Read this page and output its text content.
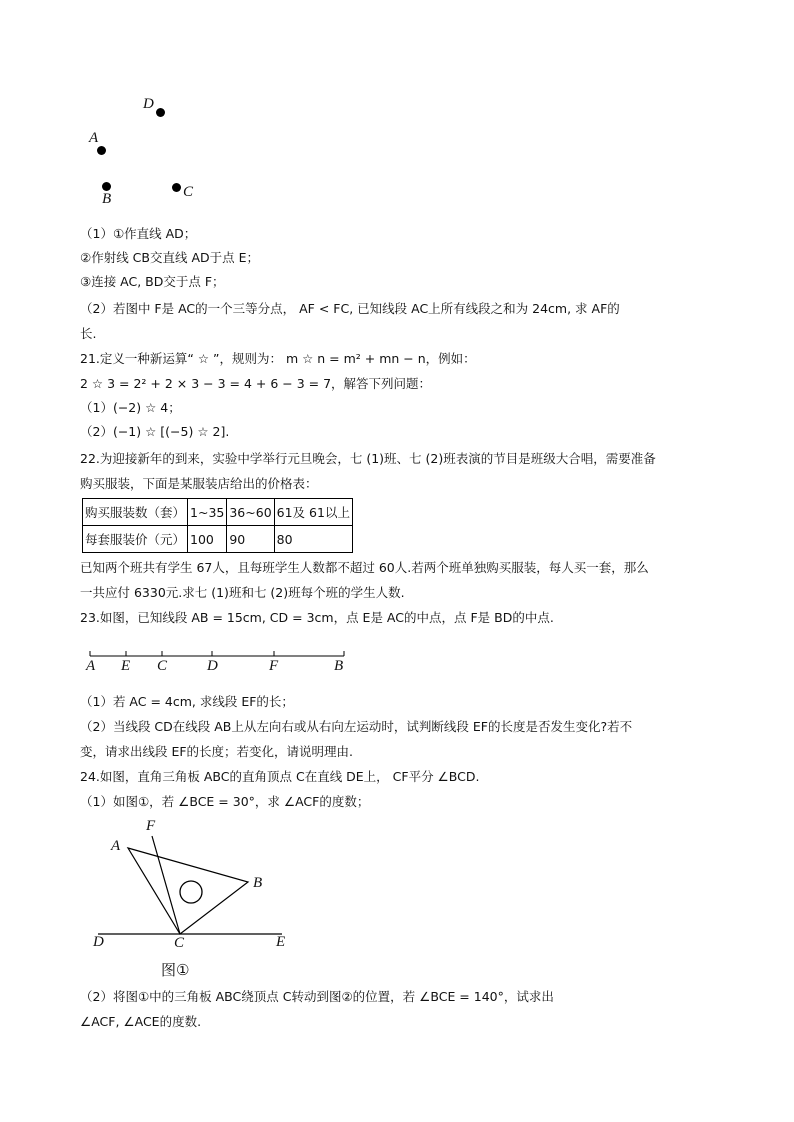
D
A
B	C
（1）①作直线 AD；
②作射线 CB交直线 AD于点 E；
③连接 AC, BD交于点 F；
（2）若图中 F是 AC的一个三等分点， AF < FC, 已知线段 AC上所有线段之和为 24cm, 求 AF的
长.
21.定义一种新运算“ ☆ ”，规则为： m ☆ n = m² + mn − n，例如：
2 ☆ 3 = 2² + 2 × 3 − 3 = 4 + 6 − 3 = 7，解答下列问题：
（1）(−2) ☆ 4；
（2）(−1) ☆ [(−5) ☆ 2].
22.为迎接新年的到来，实验中学举行元旦晚会，七 (1)班、七 (2)班表演的节目是班级大合唱，需要准备
购买服装，下面是某服装店给出的价格表：
购买服装数（套）	1~35	36~60	61及 61以上
每套服装价（元）	100	90	80
已知两个班共有学生 67人，且每班学生人数都不超过 60人.若两个班单独购买服装，每人买一套，那么
一共应付 6330元.求七 (1)班和七 (2)班每个班的学生人数.
23.如图，已知线段 AB = 15cm, CD = 3cm，点 E是 AC的中点，点 F是 BD的中点.
A E C	D	F	B
（1）若 AC = 4cm, 求线段 EF的长；
（2）当线段 CD在线段 AB上从左向右或从右向左运动时，试判断线段 EF的长度是否发生变化?若不
变，请求出线段 EF的长度；若变化，请说明理由.
24.如图，直角三角板 ABC的直角顶点 C在直线 DE上， CF平分 ∠BCD.
（1）如图①，若 ∠BCE = 30°，求 ∠ACF的度数；
F
A
B
D	C	E
图①
（2）将图①中的三角板 ABC绕顶点 C转动到图②的位置，若 ∠BCE = 140°，试求出
∠ACF, ∠ACE的度数.
